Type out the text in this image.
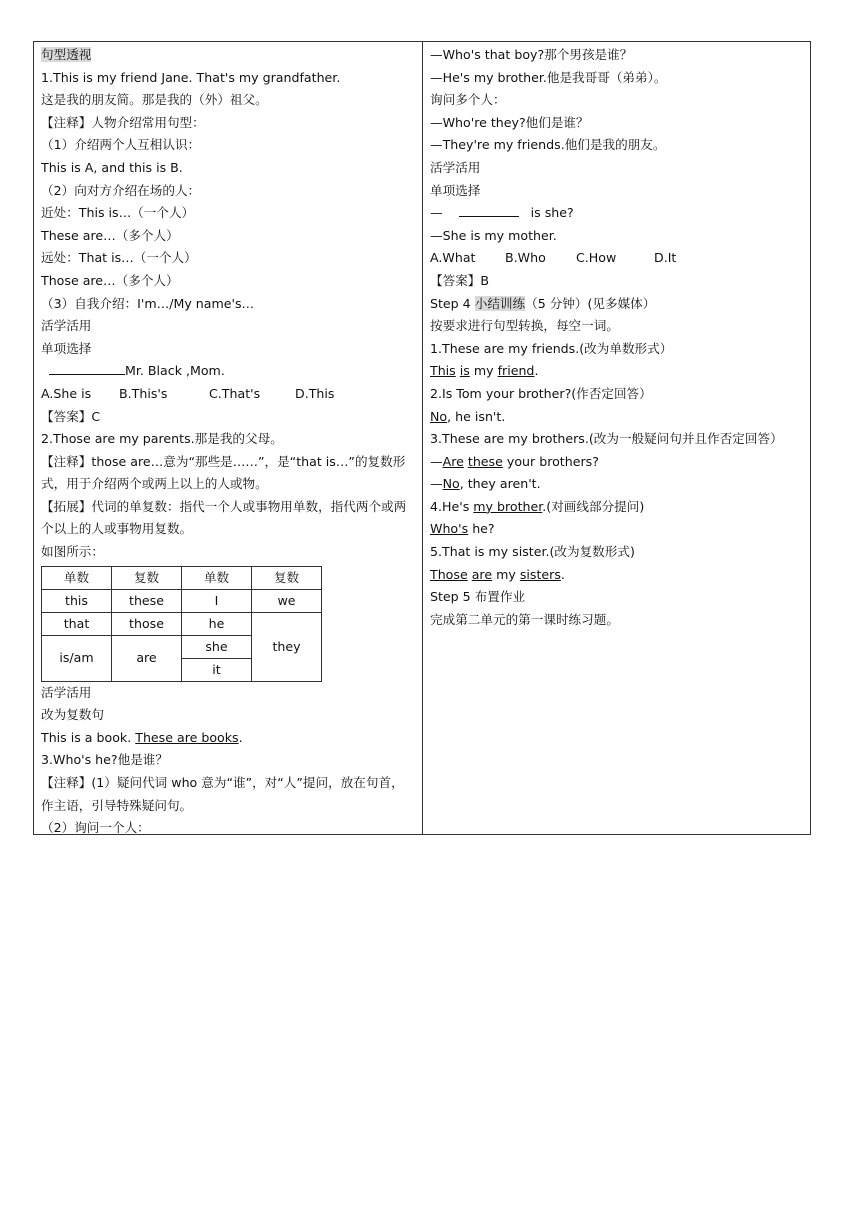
句型透视
1.This is my friend Jane. That's my grandfather.
这是我的朋友简。那是我的（外）祖父。
【注释】人物介绍常用句型：
（1）介绍两个人互相认识：
This is A, and this is B.
（2）向对方介绍在场的人：
近处：This is…（一个人）
These are…（多个人）
远处：That is…（一个人）
Those are…（多个人）
（3）自我介绍：I'm…/My name's…
活学活用
单项选择
Mr. Black ,Mom.
A.She is B.This's	C.That's	D.This
【答案】C
2.Those are my parents.那是我的父母。
【注释】those are…意为“那些是……”，是“that is…”的复数形式，用于介绍两个或两上以上的人或物。
【拓展】代词的单复数：指代一个人或事物用单数，指代两个或两个以上的人或事物用复数。
如图所示：
单数	复数	单数	复数
this	these	I	we
that	those	he	they
is/am	are	she	
		it	
活学活用
改为复数句
This is a book. These are books.
3.Who's he?他是谁？
【注释】(1）疑问代词 who 意为“谁”，对“人”提问，放在句首，作主语，引导特殊疑问句。
（2）询问一个人：
—Who's that boy?那个男孩是谁？
—He's my brother.他是我哥哥（弟弟）。
询问多个人：
—Who're they?他们是谁？
—They're my friends.他们是我的朋友。
活学活用
单项选择
—	is she?
—She is my mother.
A.What B.Who C.How	D.It
【答案】B
Step 4 小结训练（5 分钟）(见多媒体）
按要求进行句型转换，每空一词。
1.These are my friends.(改为单数形式）
This is my friend.
2.Is Tom your brother?(作否定回答）
No, he isn't.
3.These are my brothers.(改为一般疑问句并且作否定回答）
—Are these your brothers?
—No, they aren't.
4.He's my brother.(对画线部分提问)
Who's he?
5.That is my sister.(改为复数形式)
Those are my sisters.
Step 5 布置作业
完成第二单元的第一课时练习题。
